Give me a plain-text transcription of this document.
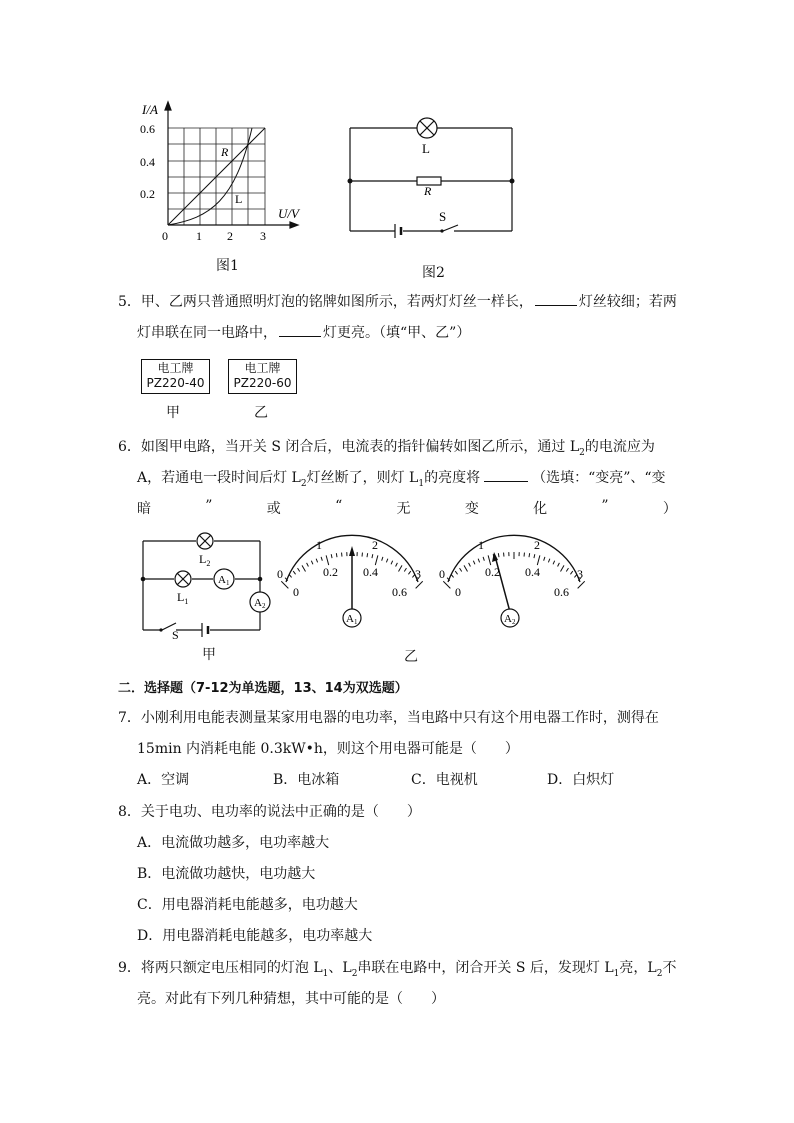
I/A
U/V
0.6
0.4
0.2
0 1 2 3
R
L
图1
L
R
S
图2
5．甲、乙两只普通照明灯泡的铭牌如图所示，若两灯灯丝一样长，	灯丝较细；若两
灯串联在同一电路中，	灯更亮。（填“甲、乙”）
电工牌
PZ220-40
甲
电工牌
PZ220-60
乙
6．如图甲电路，当开关 S 闭合后，电流表的指针偏转如图乙所示，通过 $L_2$的电流应为
A，若通电一段时间后灯 $L_2$灯丝断了，则灯 $L_1$的亮度将	（选填：“变亮”、“变
暗	”	或	“	无	变	化	”	）
$L_2$
$L_1$
A1
A2
S
甲
A1
0
1	2
3
0
0.2 0.4
0.6
A2
0
1	2
3
0
0.2 0.4
0.6
乙
二．选择题（7-12为单选题，13、14为双选题）
7．小刚利用电能表测量某家用电器的电功率，当电路中只有这个用电器工作时，测得在
15min 内消耗电能 0.3kW•h，则这个用电器可能是（　　）
A．空调	B．电冰箱	C．电视机	D．白炽灯
8．关于电功、电功率的说法中正确的是（　　）
A．电流做功越多，电功率越大
B．电流做功越快，电功越大
C．用电器消耗电能越多，电功越大
D．用电器消耗电能越多，电功率越大
9．将两只额定电压相同的灯泡 $L_1$、$L_2$串联在电路中，闭合开关 S 后，发现灯 $L_1$亮，$L_2$不
亮。对此有下列几种猜想，其中可能的是（　　）
